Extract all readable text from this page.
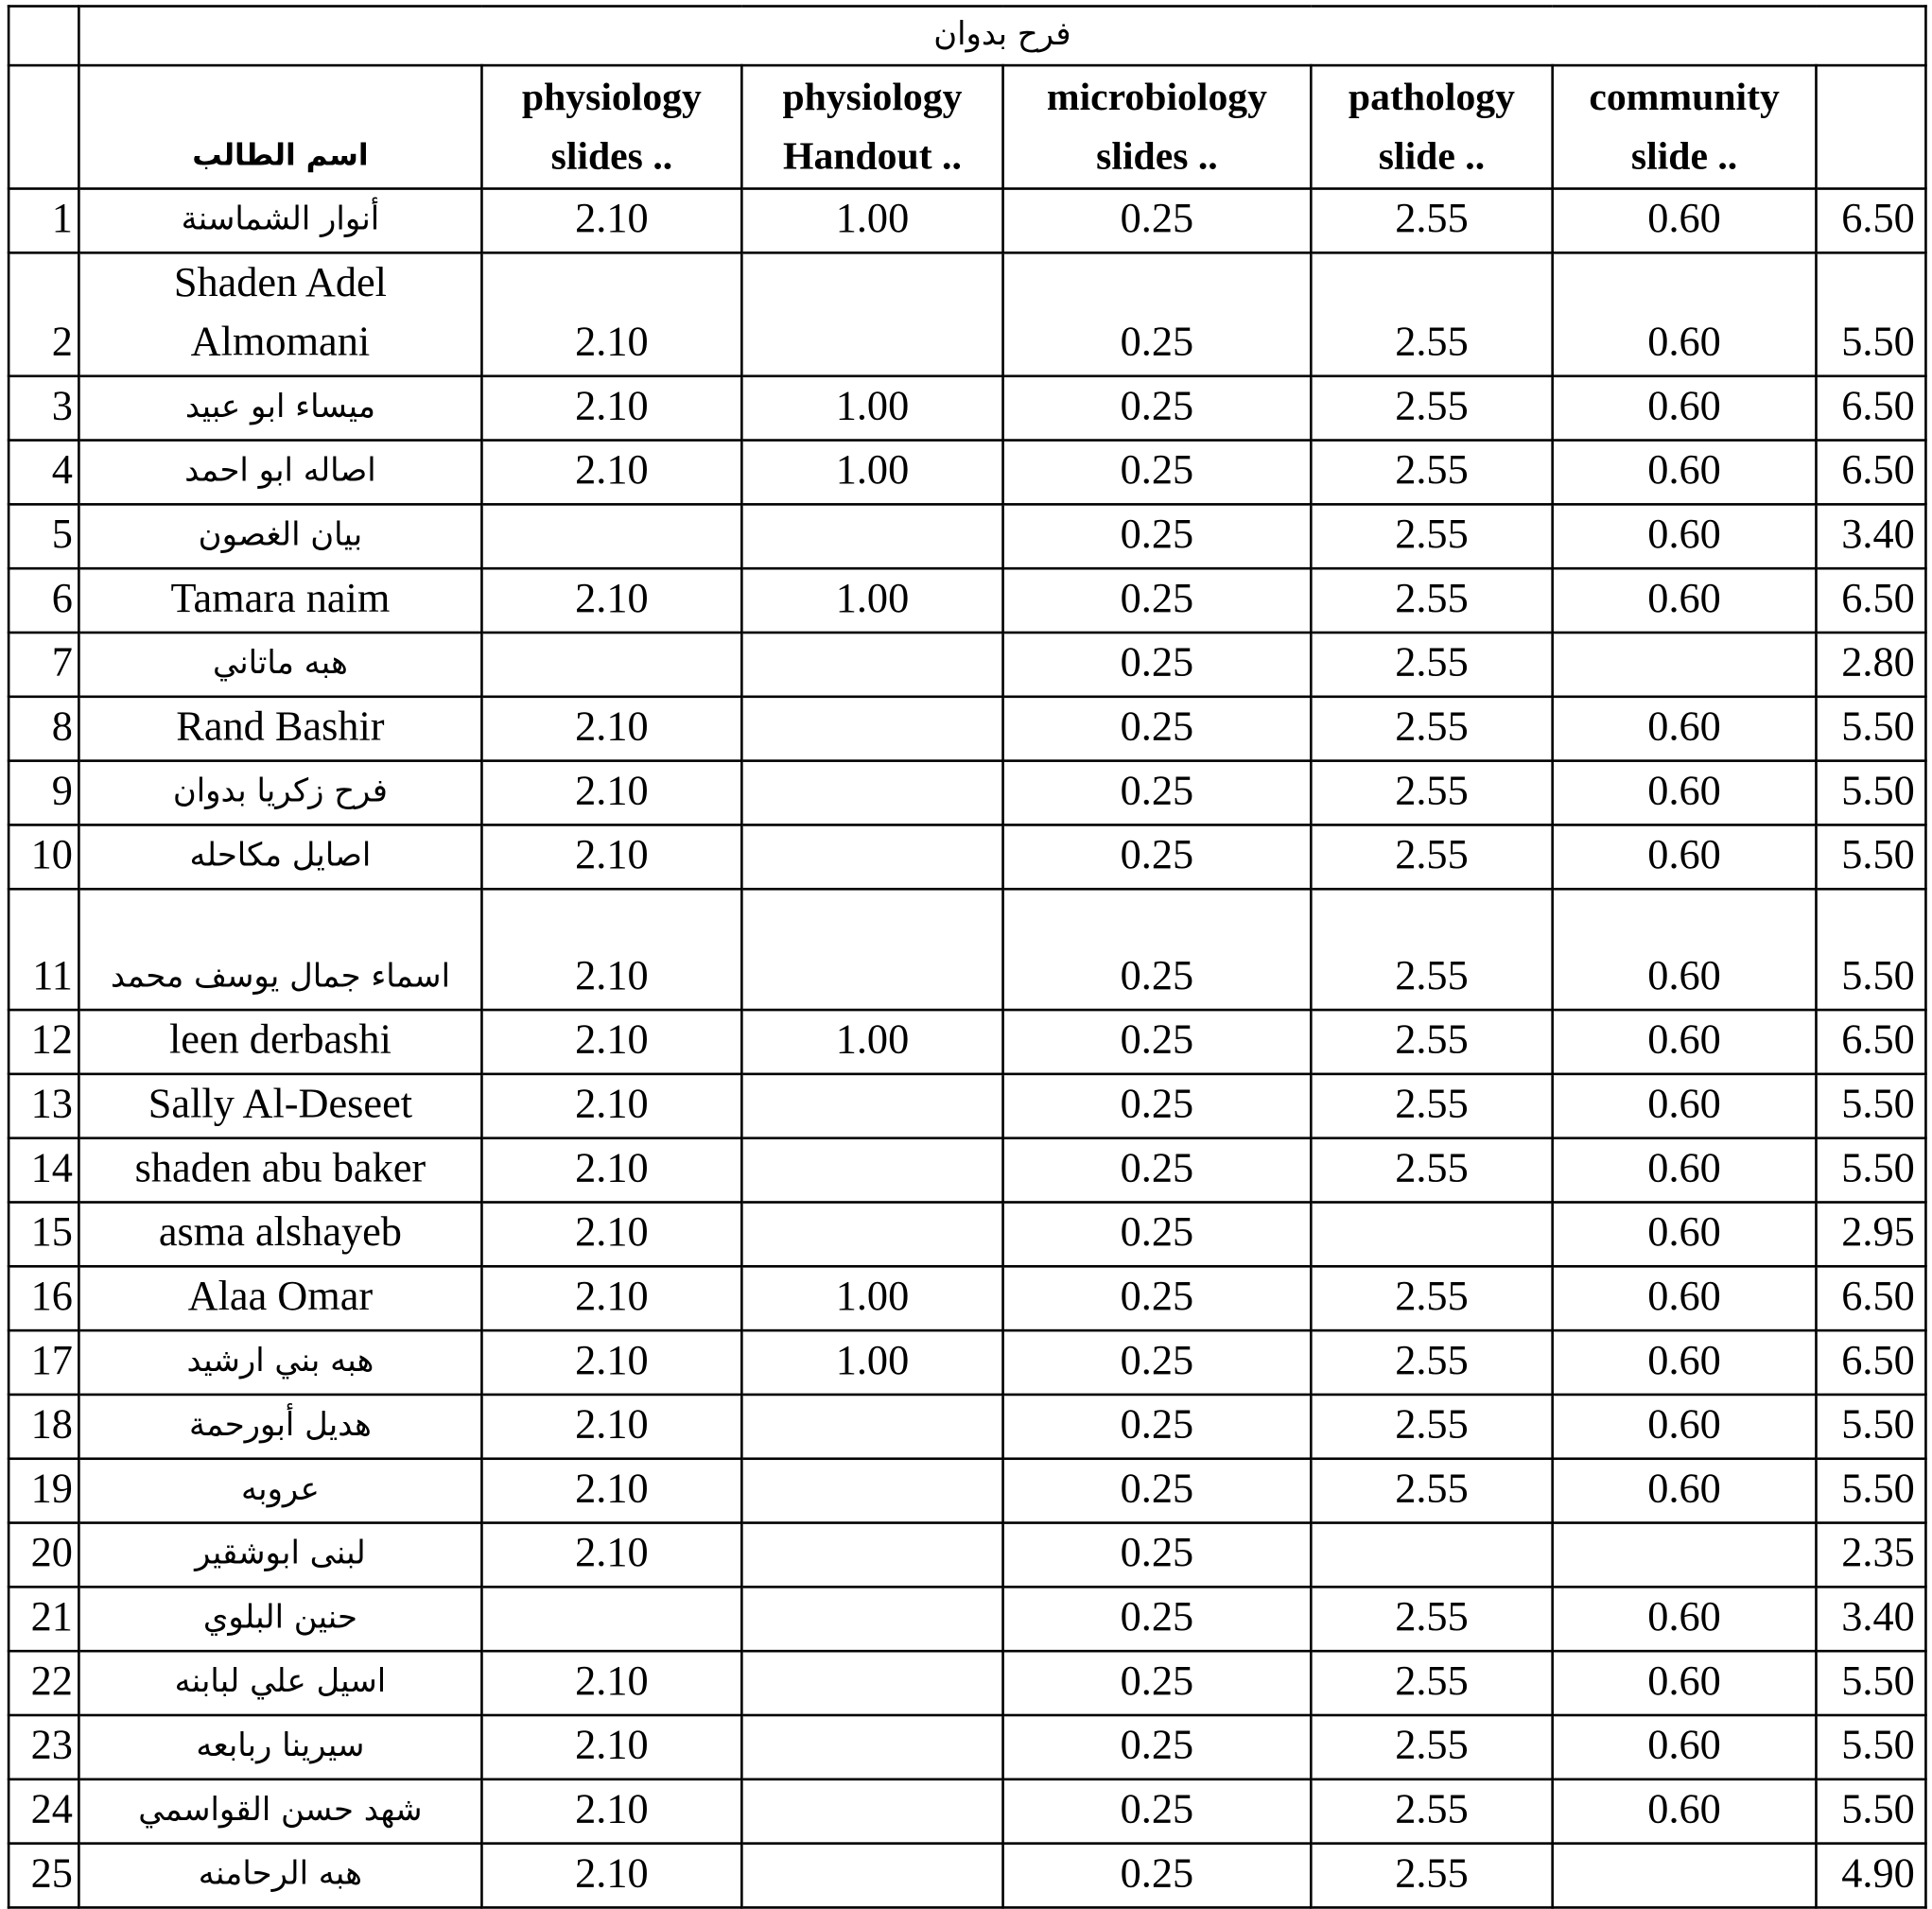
	فرح بدوان						
	اسم الطالب	physiology slides ..	physiology Handout ..	microbiology slides ..	pathology slide ..	community slide ..	
1	أنوار الشماسنة	2.10	1.00	0.25	2.55	0.60	6.50
2	Shaden Adel Almomani	2.10		0.25	2.55	0.60	5.50
3	ميساء ابو عبيد	2.10	1.00	0.25	2.55	0.60	6.50
4	اصاله ابو احمد	2.10	1.00	0.25	2.55	0.60	6.50
5	بيان الغصون			0.25	2.55	0.60	3.40
6	Tamara naim	2.10	1.00	0.25	2.55	0.60	6.50
7	هبه ماتاني			0.25	2.55		2.80
8	Rand Bashir	2.10		0.25	2.55	0.60	5.50
9	فرح زكريا بدوان	2.10		0.25	2.55	0.60	5.50
10	اصايل مكاحله	2.10		0.25	2.55	0.60	5.50
11	اسماء جمال يوسف محمد	2.10		0.25	2.55	0.60	5.50
12	leen derbashi	2.10	1.00	0.25	2.55	0.60	6.50
13	Sally Al-Deseet	2.10		0.25	2.55	0.60	5.50
14	shaden abu baker	2.10		0.25	2.55	0.60	5.50
15	asma alshayeb	2.10		0.25		0.60	2.95
16	Alaa Omar	2.10	1.00	0.25	2.55	0.60	6.50
17	هبه بني ارشيد	2.10	1.00	0.25	2.55	0.60	6.50
18	هديل أبورحمة	2.10		0.25	2.55	0.60	5.50
19	عروبه	2.10		0.25	2.55	0.60	5.50
20	لبنى ابوشقير	2.10		0.25			2.35
21	حنين البلوي			0.25	2.55	0.60	3.40
22	اسيل علي لبابنه	2.10		0.25	2.55	0.60	5.50
23	سيرينا ربابعه	2.10		0.25	2.55	0.60	5.50
24	شهد حسن القواسمي	2.10		0.25	2.55	0.60	5.50
25	هبه الرحامنه	2.10		0.25	2.55		4.90
